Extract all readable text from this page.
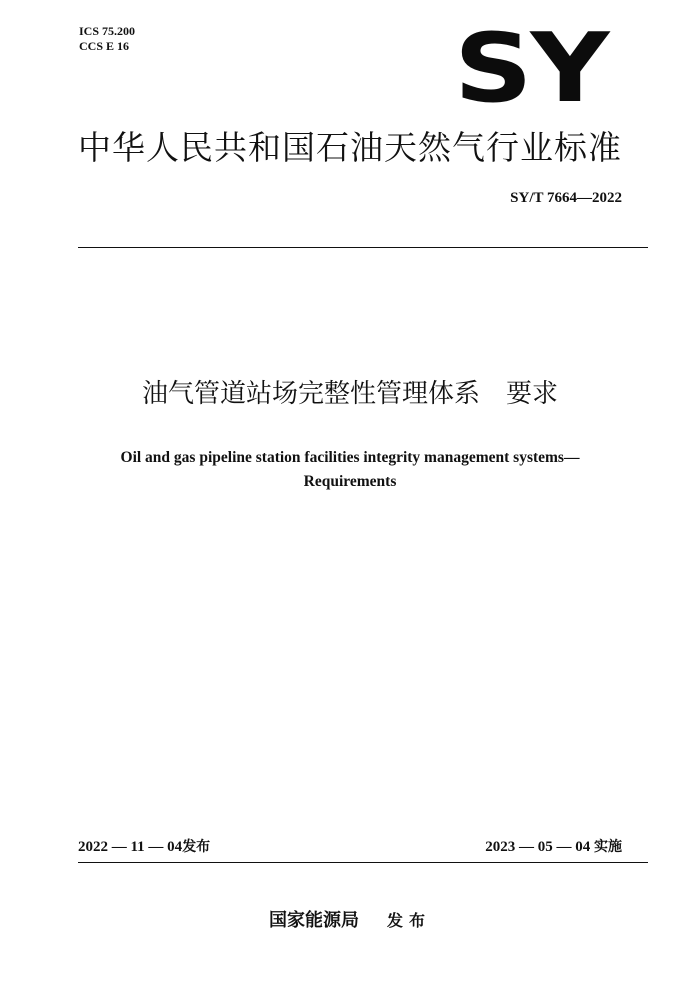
ICS 75.200
CCS E 16	SY
中华人民共和国石油天然气行业标准
SY/T 7664—2022
油气管道站场完整性管理体系 要求
Oil and gas pipeline station facilities integrity management systems—
Requirements
2022 — 11 — 04发布	2023 — 05 — 04 实施
国家能源局 发布
